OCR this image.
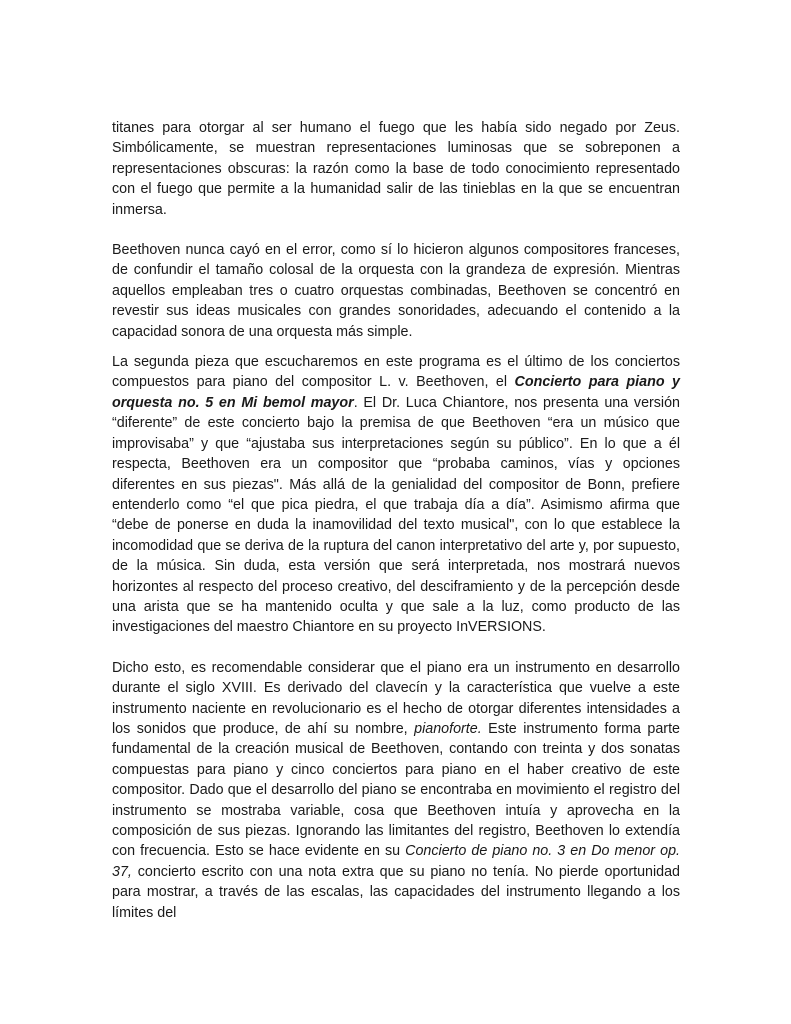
titanes para otorgar al ser humano el fuego que les había sido negado por Zeus. Simbólicamente, se muestran representaciones luminosas que se sobreponen a representaciones obscuras: la razón como la base de todo conocimiento representado con el fuego que permite a la humanidad salir de las tinieblas en la que se encuentran inmersa.

Beethoven nunca cayó en el error, como sí lo hicieron algunos compositores franceses, de confundir el tamaño colosal de la orquesta con la grandeza de expresión. Mientras aquellos empleaban tres o cuatro orquestas combinadas, Beethoven se concentró en revestir sus ideas musicales con grandes sonoridades, adecuando el contenido a la capacidad sonora de una orquesta más simple.

La segunda pieza que escucharemos en este programa es el último de los conciertos compuestos para piano del compositor L. v. Beethoven, el Concierto para piano y orquesta no. 5 en Mi bemol mayor. El Dr. Luca Chiantore, nos presenta una versión “diferente” de este concierto bajo la premisa de que Beethoven “era un músico que improvisaba” y que “ajustaba sus interpretaciones según su público”. En lo que a él respecta, Beethoven era un compositor que “probaba caminos, vías y opciones diferentes en sus piezas". Más allá de la genialidad del compositor de Bonn, prefiere entenderlo como “el que pica piedra, el que trabaja día a día”. Asimismo afirma que “debe de ponerse en duda la inamovilidad del texto musical", con lo que establece la incomodidad que se deriva de la ruptura del canon interpretativo del arte y, por supuesto, de la música. Sin duda, esta versión que será interpretada, nos mostrará nuevos horizontes al respecto del proceso creativo, del desciframiento y de la percepción desde una arista que se ha mantenido oculta y que sale a la luz, como producto de las investigaciones del maestro Chiantore en su proyecto InVERSIONS.

Dicho esto, es recomendable considerar que el piano era un instrumento en desarrollo durante el siglo XVIII. Es derivado del clavecín y la característica que vuelve a este instrumento naciente en revolucionario es el hecho de otorgar diferentes intensidades a los sonidos que produce, de ahí su nombre, pianoforte. Este instrumento forma parte fundamental de la creación musical de Beethoven, contando con treinta y dos sonatas compuestas para piano y cinco conciertos para piano en el haber creativo de este compositor. Dado que el desarrollo del piano se encontraba en movimiento el registro del instrumento se mostraba variable, cosa que Beethoven intuía y aprovecha en la composición de sus piezas. Ignorando las limitantes del registro, Beethoven lo extendía con frecuencia. Esto se hace evidente en su Concierto de piano no. 3 en Do menor op. 37, concierto escrito con una nota extra que su piano no tenía. No pierde oportunidad para mostrar, a través de las escalas, las capacidades del instrumento llegando a los límites del
